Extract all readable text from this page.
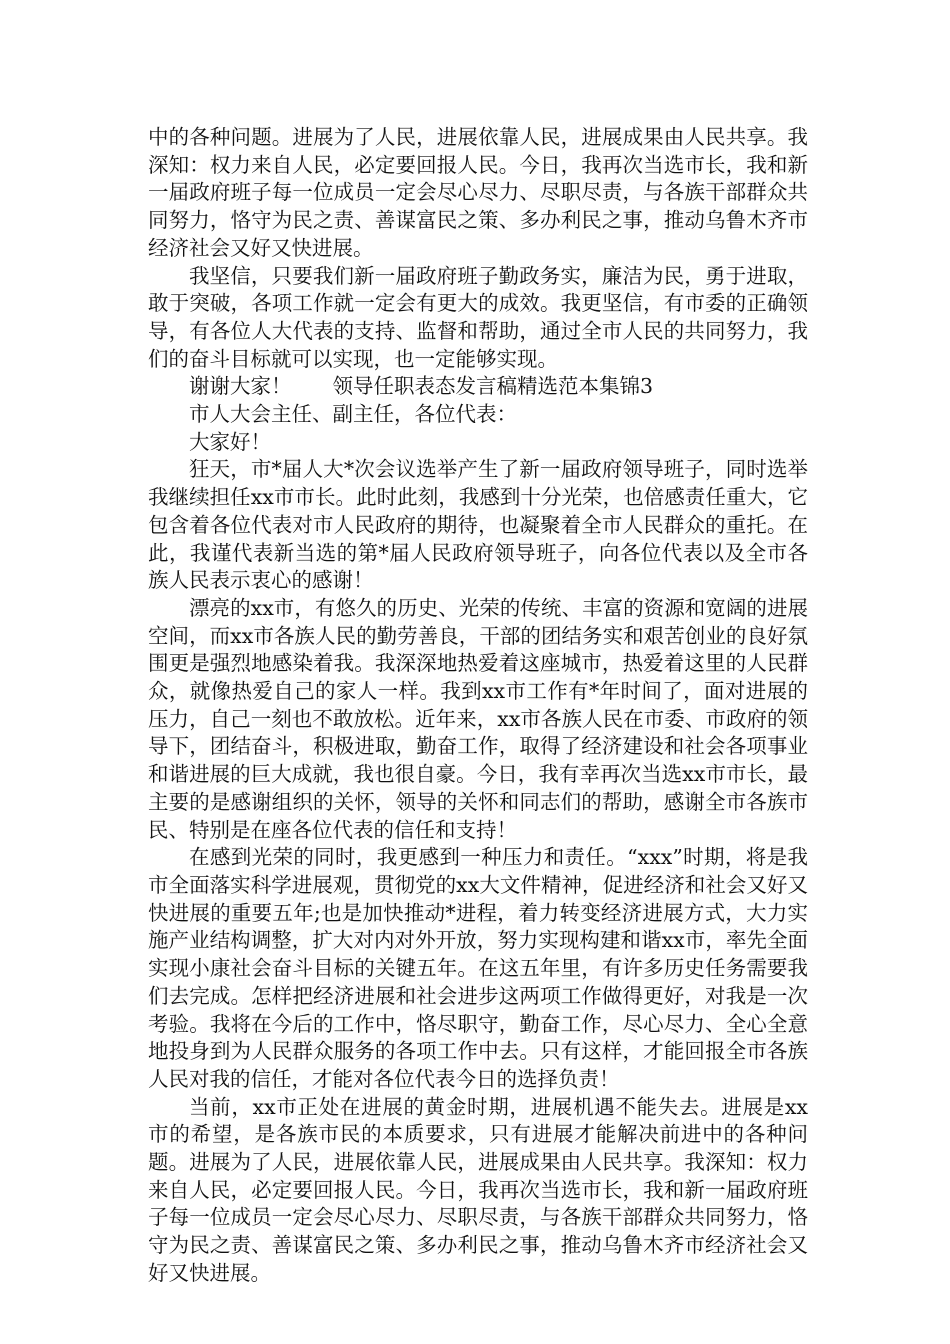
中的各种问题。进展为了人民，进展依靠人民，进展成果由人民共享。我深知：权力来自人民，必定要回报人民。今日，我再次当选市长，我和新一届政府班子每一位成员一定会尽心尽力、尽职尽责，与各族干部群众共同努力，恪守为民之责、善谋富民之策、多办利民之事，推动乌鲁木齐市经济社会又好又快进展。

我坚信，只要我们新一届政府班子勤政务实，廉洁为民，勇于进取，敢于突破，各项工作就一定会有更大的成效。我更坚信，有市委的正确领导，有各位人大代表的支持、监督和帮助，通过全市人民的共同努力，我们的奋斗目标就可以实现，也一定能够实现。

谢谢大家！　　领导任职表态发言稿精选范本集锦3

市人大会主任、副主任，各位代表：

大家好！

狂天，市*届人大*次会议选举产生了新一届政府领导班子，同时选举我继续担任xx市市长。此时此刻，我感到十分光荣，也倍感责任重大，它包含着各位代表对市人民政府的期待，也凝聚着全市人民群众的重托。在此，我谨代表新当选的第*届人民政府领导班子，向各位代表以及全市各族人民表示衷心的感谢！

漂亮的xx市，有悠久的历史、光荣的传统、丰富的资源和宽阔的进展空间，而xx市各族人民的勤劳善良，干部的团结务实和艰苦创业的良好氛围更是强烈地感染着我。我深深地热爱着这座城市，热爱着这里的人民群众，就像热爱自己的家人一样。我到xx市工作有*年时间了，面对进展的压力，自己一刻也不敢放松。近年来，xx市各族人民在市委、市政府的领导下，团结奋斗，积极进取，勤奋工作，取得了经济建设和社会各项事业和谐进展的巨大成就，我也很自豪。今日，我有幸再次当选xx市市长，最主要的是感谢组织的关怀，领导的关怀和同志们的帮助，感谢全市各族市民、特别是在座各位代表的信任和支持！

在感到光荣的同时，我更感到一种压力和责任。“xxx”时期，将是我市全面落实科学进展观，贯彻党的xx大文件精神，促进经济和社会又好又快进展的重要五年;也是加快推动*进程，着力转变经济进展方式，大力实施产业结构调整，扩大对内对外开放，努力实现构建和谐xx市，率先全面实现小康社会奋斗目标的关键五年。在这五年里，有许多历史任务需要我们去完成。怎样把经济进展和社会进步这两项工作做得更好，对我是一次考验。我将在今后的工作中，恪尽职守，勤奋工作，尽心尽力、全心全意地投身到为人民群众服务的各项工作中去。只有这样，才能回报全市各族人民对我的信任，才能对各位代表今日的选择负责！

当前，xx市正处在进展的黄金时期，进展机遇不能失去。进展是xx市的希望，是各族市民的本质要求，只有进展才能解决前进中的各种问题。进展为了人民，进展依靠人民，进展成果由人民共享。我深知：权力来自人民，必定要回报人民。今日，我再次当选市长，我和新一届政府班子每一位成员一定会尽心尽力、尽职尽责，与各族干部群众共同努力，恪守为民之责、善谋富民之策、多办利民之事，推动乌鲁木齐市经济社会又好又快进展。
